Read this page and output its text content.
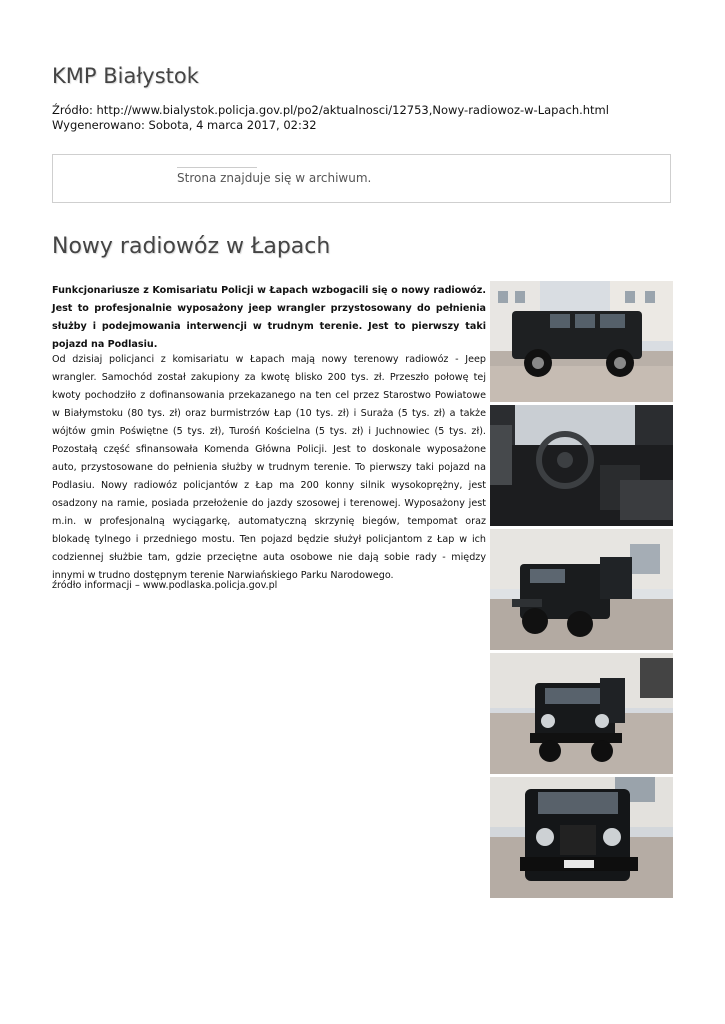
KMP Białystok
Źródło: http://www.bialystok.policja.gov.pl/po2/aktualnosci/12753,Nowy-radiowoz-w-Lapach.html
Wygenerowano: Sobota, 4 marca 2017, 02:32
Strona znajduje się w archiwum.
Nowy radiowóz w Łapach

Funkcjonariusze z Komisariatu Policji w Łapach wzbogacili się o nowy radiowóz. Jest to profesjonalnie wyposażony jeep wrangler przystosowany do pełnienia służby i podejmowania interwencji w trudnym terenie. Jest to pierwszy taki pojazd na Podlasiu.

Od dzisiaj policjanci z komisariatu w Łapach mają nowy terenowy radiowóz - Jeep wrangler. Samochód został zakupiony za kwotę blisko 200 tys. zł. Przeszło połowę tej kwoty pochodziło z dofinansowania przekazanego na ten cel przez Starostwo Powiatowe w Białymstoku (80 tys. zł) oraz burmistrzów Łap (10 tys. zł) i Suraża (5 tys. zł) a także wójtów gmin Poświętne (5 tys. zł), Turośń Kościelna (5 tys. zł) i Juchnowiec (5 tys. zł). Pozostałą część sfinansowała Komenda Główna Policji. Jest to doskonale wyposażone auto, przystosowane do pełnienia służby w trudnym terenie. To pierwszy taki pojazd na Podlasiu. Nowy radiowóz policjantów z Łap ma 200 konny silnik wysokoprężny, jest osadzony na ramie, posiada przełożenie do jazdy szosowej i terenowej. Wyposażony jest m.in. w profesjonalną wyciągarkę, automatyczną skrzynię biegów, tempomat oraz blokadę tylnego i przedniego mostu. Ten pojazd będzie służył policjantom z Łap w ich codziennej służbie tam, gdzie przeciętne auta osobowe nie dają sobie rady - między innymi w trudno dostępnym terenie Narwiańskiego Parku Narodowego.

źródło informacji – www.podlaska.policja.gov.pl
